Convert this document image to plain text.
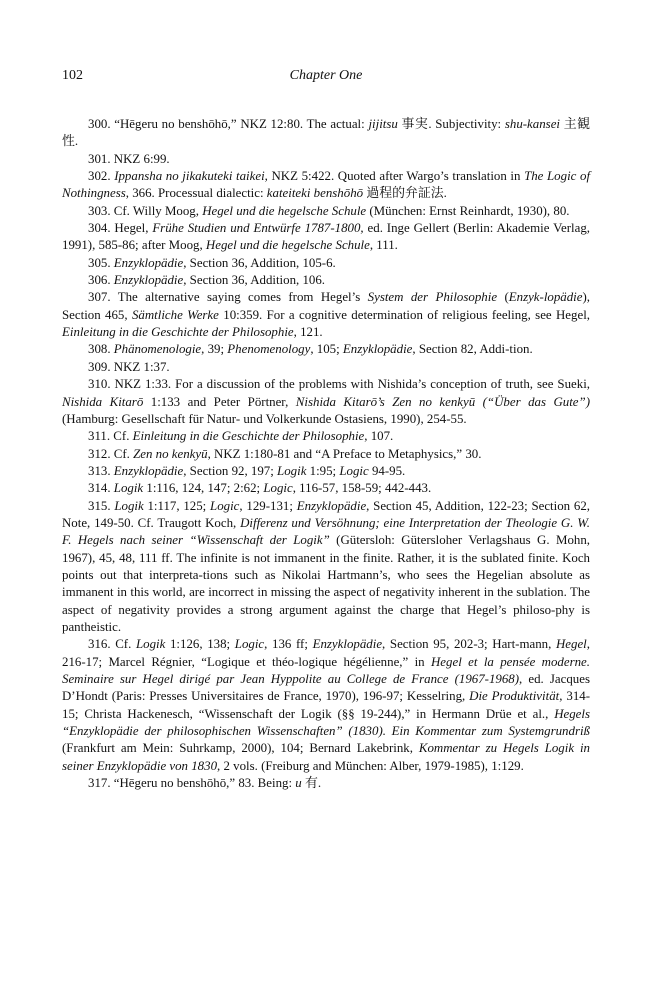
102	Chapter One

300. “Hēgeru no benshōhō,” NKZ 12:80. The actual: jijitsu 事実. Subjectivity: shu-kansei 主観性.

301. NKZ 6:99.

302. Ippansha no jikakuteki taikei, NKZ 5:422. Quoted after Wargo’s translation in The Logic of Nothingness, 366. Processual dialectic: kateiteki benshōhō 過程的弁証法.

303. Cf. Willy Moog, Hegel und die hegelsche Schule (München: Ernst Reinhardt, 1930), 80.

304. Hegel, Frühe Studien und Entwürfe 1787-1800, ed. Inge Gellert (Berlin: Akademie Verlag, 1991), 585-86; after Moog, Hegel und die hegelsche Schule, 111.

305. Enzyklopädie, Section 36, Addition, 105-6.

306. Enzyklopädie, Section 36, Addition, 106.

307. The alternative saying comes from Hegel’s System der Philosophie (Enzyk-lopädie), Section 465, Sämtliche Werke 10:359. For a cognitive determination of religious feeling, see Hegel, Einleitung in die Geschichte der Philosophie, 121.

308. Phänomenologie, 39; Phenomenology, 105; Enzyklopädie, Section 82, Addi-tion.

309. NKZ 1:37.

310. NKZ 1:33. For a discussion of the problems with Nishida’s conception of truth, see Sueki, Nishida Kitarō 1:133 and Peter Pörtner, Nishida Kitarō’s Zen no kenkyū (“Über das Gute”) (Hamburg: Gesellschaft für Natur- und Volkerkunde Ostasiens, 1990), 254-55.

311. Cf. Einleitung in die Geschichte der Philosophie, 107.

312. Cf. Zen no kenkyū, NKZ 1:180-81 and “A Preface to Metaphysics,” 30.

313. Enzyklopädie, Section 92, 197; Logik 1:95; Logic 94-95.

314. Logik 1:116, 124, 147; 2:62; Logic, 116-57, 158-59; 442-443.

315. Logik 1:117, 125; Logic, 129-131; Enzyklopädie, Section 45, Addition, 122-23; Section 62, Note, 149-50. Cf. Traugott Koch, Differenz und Versöhnung; eine Interpretation der Theologie G. W. F. Hegels nach seiner “Wissenschaft der Logik” (Gütersloh: Gütersloher Verlagshaus G. Mohn, 1967), 45, 48, 111 ff. The infinite is not immanent in the finite. Rather, it is the sublated finite. Koch points out that interpreta-tions such as Nikolai Hartmann’s, who sees the Hegelian absolute as immanent in this world, are incorrect in missing the aspect of negativity inherent in the sublation. The aspect of negativity provides a strong argument against the charge that Hegel’s philoso-phy is pantheistic.

316. Cf. Logik 1:126, 138; Logic, 136 ff; Enzyklopädie, Section 95, 202-3; Hart-mann, Hegel, 216-17; Marcel Régnier, “Logique et théo-logique hégélienne,” in Hegel et la pensée moderne. Seminaire sur Hegel dirigé par Jean Hyppolite au College de France (1967-1968), ed. Jacques D’Hondt (Paris: Presses Universitaires de France, 1970), 196-97; Kesselring, Die Produktivität, 314-15; Christa Hackenesch, “Wissenschaft der Logik (§§ 19-244),” in Hermann Drüe et al., Hegels “Enzyklopädie der philosophischen Wissenschaften” (1830). Ein Kommentar zum Systemgrundriß (Frankfurt am Mein: Suhrkamp, 2000), 104; Bernard Lakebrink, Kommentar zu Hegels Logik in seiner Enzyklopädie von 1830, 2 vols. (Freiburg and München: Alber, 1979-1985), 1:129.

317. “Hēgeru no benshōhō,” 83. Being: u 有.
